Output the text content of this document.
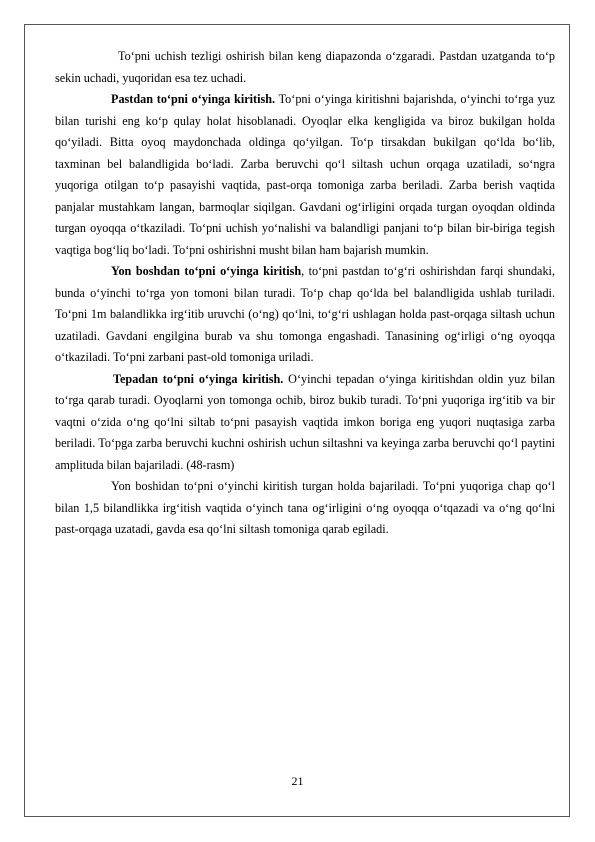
To‘pni uchish tezligi oshirish bilan keng diapazonda o‘zgaradi. Pastdan uzatganda to‘p sekin uchadi, yuqoridan esa tez uchadi.

Pastdan to‘pni o‘yinga kiritish. To‘pni o‘yinga kiritishni bajarishda, o‘yinchi to‘rga yuz bilan turishi eng ko‘p qulay holat hisoblanadi. Oyoqlar elka kengligida va biroz bukilgan holda qo‘yiladi. Bitta oyoq maydonchada oldinga qo‘yilgan. To‘p tirsakdan bukilgan qo‘lda bo‘lib, taxminan bel balandligida bo‘ladi. Zarba beruvchi qo‘l siltash uchun orqaga uzatiladi, so‘ngra yuqoriga otilgan to‘p pasayishi vaqtida, past-orqa tomoniga zarba beriladi. Zarba berish vaqtida panjalar mustahkam langan, barmoqlar siqilgan. Gavdani og‘irligini orqada turgan oyoqdan oldinda turgan oyoqqa o‘tkaziladi. To‘pni uchish yo‘nalishi va balandligi panjani to‘p bilan bir-biriga tegish vaqtiga bog‘liq bo‘ladi. To‘pni oshirishni musht bilan ham bajarish mumkin.

Yon boshdan to‘pni o‘yinga kiritish, to‘pni pastdan to‘g‘ri oshirishdan farqi shundaki, bunda o‘yinchi to‘rga yon tomoni bilan turadi. To‘p chap qo‘lda bel balandligida ushlab turiladi. To‘pni 1m balandlikka irg‘itib uruvchi (o‘ng) qo‘lni, to‘g‘ri ushlagan holda past-orqaga siltash uchun uzatiladi. Gavdani engilgina burab va shu tomonga engashadi. Tanasining og‘irligi o‘ng oyoqqa o‘tkaziladi. To‘pni zarbani past-old tomoniga uriladi.

Tepadan to‘pni o‘yinga kiritish. O‘yinchi tepadan o‘yinga kiritishdan oldin yuz bilan to‘rga qarab turadi. Oyoqlarni yon tomonga ochib, biroz bukib turadi. To‘pni yuqoriga irg‘itib va bir vaqtni o‘zida o‘ng qo‘lni siltab to‘pni pasayish vaqtida imkon boriga eng yuqori nuqtasiga zarba beriladi. To‘pga zarba beruvchi kuchni oshirish uchun siltashni va keyinga zarba beruvchi qo‘l paytini amplituda bilan bajariladi. (48-rasm)

Yon boshidan to‘pni o‘yinchi kiritish turgan holda bajariladi. To‘pni yuqoriga chap qo‘l bilan 1,5 bilandlikka irg‘itish vaqtida o‘yinch tana og‘irligini o‘ng oyoqqa o‘tqazadi va o‘ng qo‘lni past-orqaga uzatadi, gavda esa qo‘lni siltash tomoniga qarab egiladi.

21
